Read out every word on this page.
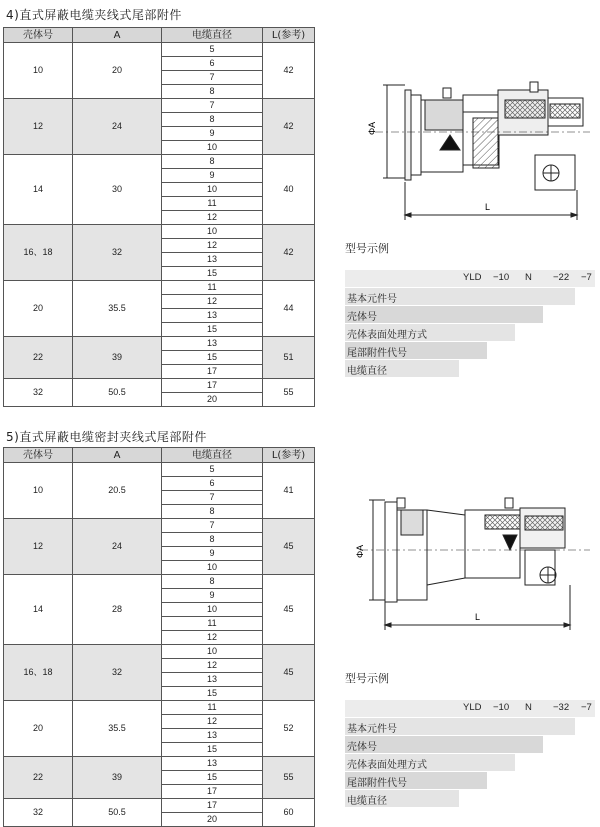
4)直式屏蔽电缆夹线式尾部附件
壳体号	A	电缆直径	L(参考)
10	20	5	42
		6	
		7	
		8	
12	24	7	42
		8	
		9	
		10	
14	30	8	40
		9	
		10	
		11	
		12	
16、18	32	10	42
		12	
		13	
		15	
20	35.5	11	44
		12	
		13	
		15	
22	39	13	51
		15	
		17	
32	50.5	17	55
		20	
ΦA
L
型号示例
YLD −10 N −22 −7
基本元件号
壳体号
壳体表面处理方式
尾部附件代号
电缆直径
5)直式屏蔽电缆密封夹线式尾部附件
壳体号	A	电缆直径	L(参考)
10	20.5	5	41
		6	
		7	
		8	
12	24	7	45
		8	
		9	
		10	
14	28	8	45
		9	
		10	
		11	
		12	
16、18	32	10	45
		12	
		13	
		15	
20	35.5	11	52
		12	
		13	
		15	
22	39	13	55
		15	
		17	
32	50.5	17	60
		20	
ΦA
L
型号示例
YLD −10 N −32 −7
基本元件号
壳体号
壳体表面处理方式
尾部附件代号
电缆直径
